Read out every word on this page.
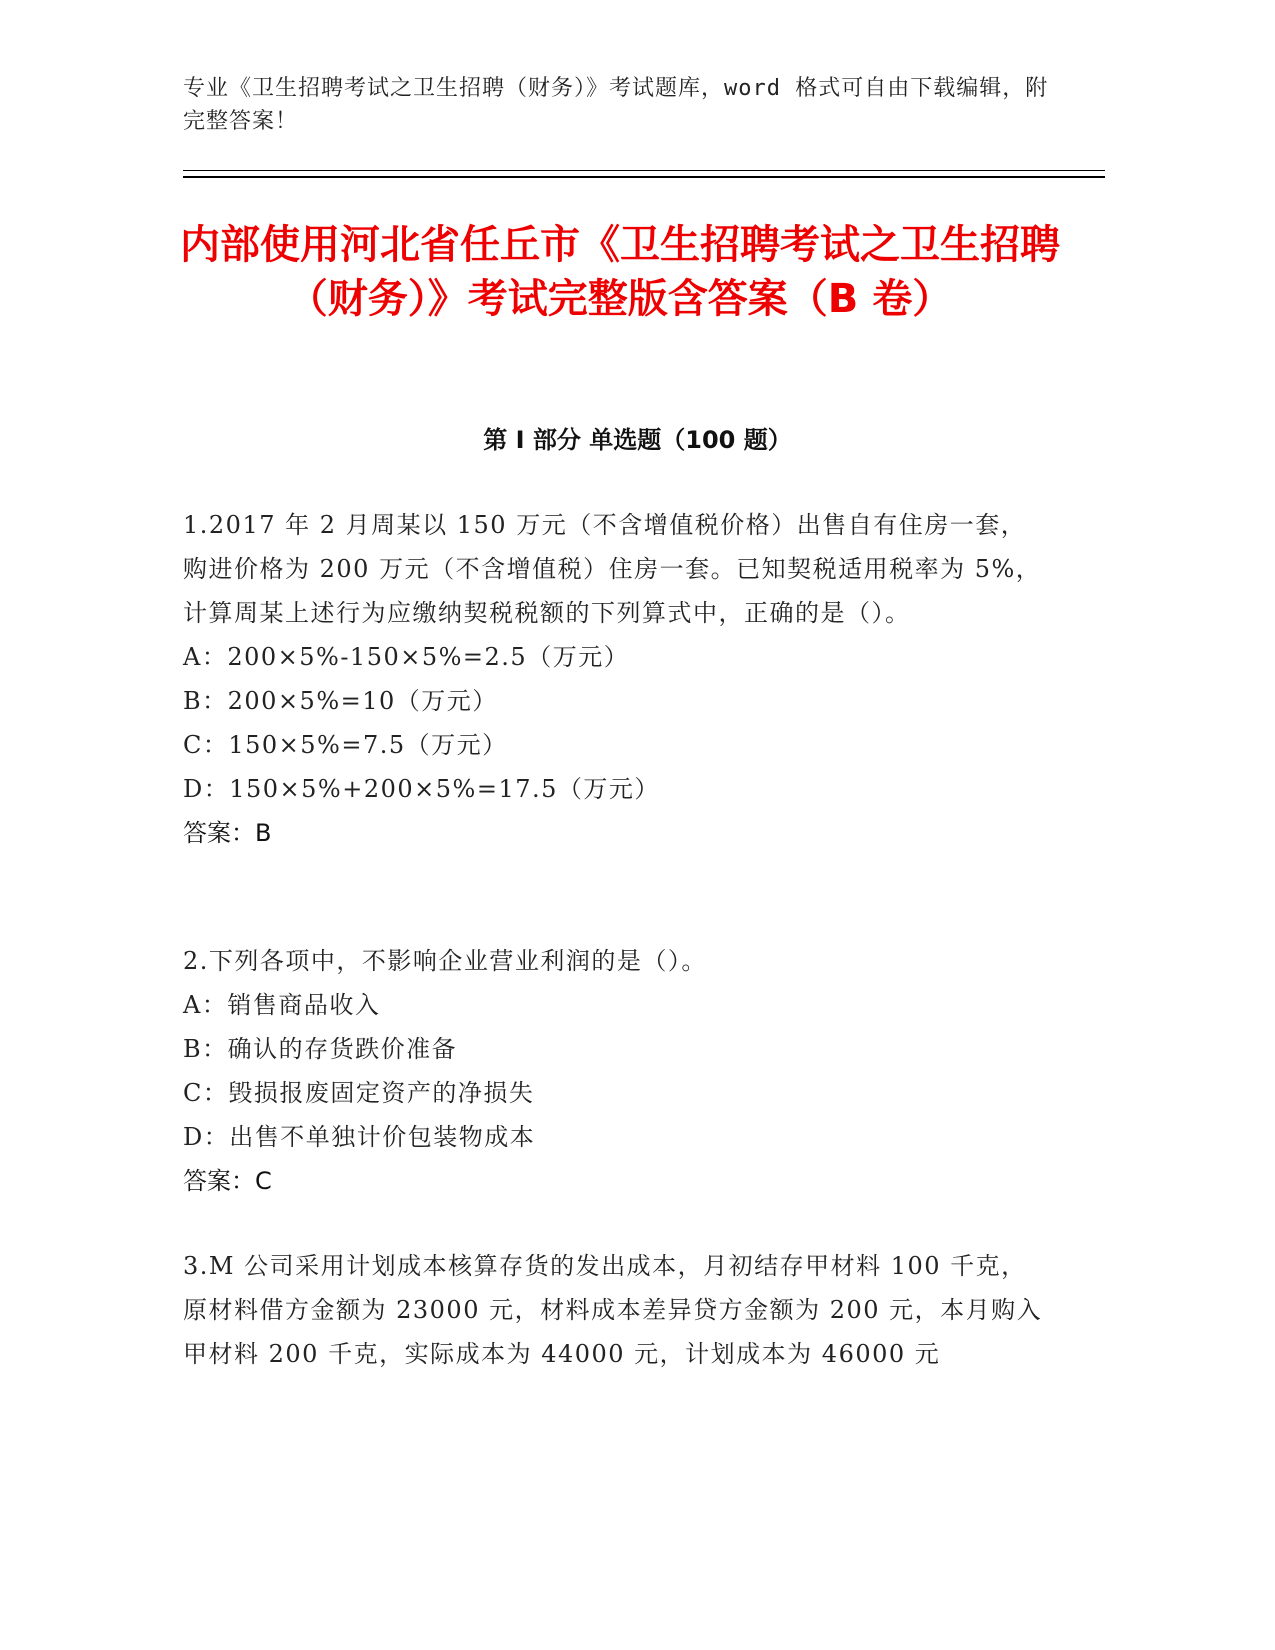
专业《卫生招聘考试之卫生招聘（财务）》考试题库，word 格式可自由下载编辑，附完整答案！
内部使用河北省任丘市《卫生招聘考试之卫生招聘（财务）》考试完整版含答案（B 卷）
第 I 部分 单选题（100 题）

1.2017 年 2 月周某以 150 万元（不含增值税价格）出售自有住房一套，购进价格为 200 万元（不含增值税）住房一套。已知契税适用税率为 5%，计算周某上述行为应缴纳契税税额的下列算式中，正确的是（）。

A：200×5%-150×5%=2.5（万元）

B：200×5%=10（万元）

C：150×5%=7.5（万元）

D：150×5%+200×5%=17.5（万元）

答案：B

2.下列各项中，不影响企业营业利润的是（）。

A：销售商品收入

B：确认的存货跌价准备

C：毁损报废固定资产的净损失

D：出售不单独计价包装物成本

答案：C

3.M 公司采用计划成本核算存货的发出成本，月初结存甲材料 100 千克，原材料借方金额为 23000 元，材料成本差异贷方金额为 200 元，本月购入甲材料 200 千克，实际成本为 44000 元，计划成本为 46000 元
